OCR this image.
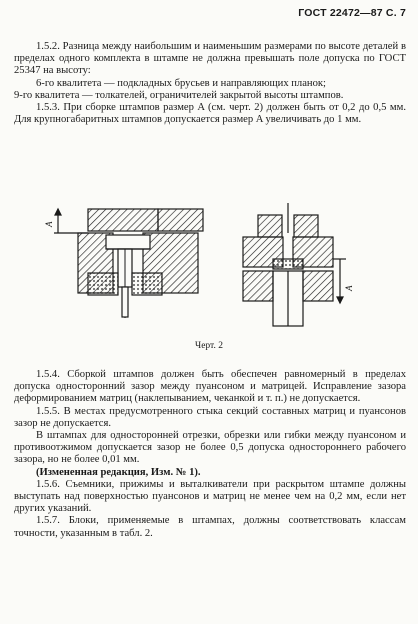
ГОСТ 22472—87 С. 7

1.5.2. Разница между наибольшим и наименьшим размерами по высоте деталей в пределах одного комплекта в штампе не должна превышать поле допуска по ГОСТ 25347 на высоту:

6-го квалитета — подкладных брусьев и направляющих планок;

9-го квалитета — толкателей, ограничителей закрытой высоты штампов.

1.5.3. При сборке штампов размер A (см. черт. 2) должен быть от 0,2 до 0,5 мм. Для крупногабаритных штампов допускается размер A увеличивать до 1 мм.

A
A
Черт. 2

1.5.4. Сборкой штампов должен быть обеспечен равномерный в пределах допуска односторонний зазор между пуансоном и матрицей. Исправление зазора деформированием матриц (наклепыванием, чеканкой и т. п.) не допускается.

1.5.5. В местах предусмотренного стыка секций составных матриц и пуансонов зазор не допускается.

В штампах для односторонней отрезки, обрезки или гибки между пуансоном и противоотжимом допускается зазор не более 0,5 допуска одностороннего рабочего зазора, но не более 0,01 мм.

(Измененная редакция, Изм. № 1).

1.5.6. Съемники, прижимы и выталкиватели при раскрытом штампе должны выступать над поверхностью пуансонов и матриц не менее чем на 0,2 мм, если нет других указаний.

1.5.7. Блоки, применяемые в штампах, должны соответствовать классам точности, указанным в табл. 2.
